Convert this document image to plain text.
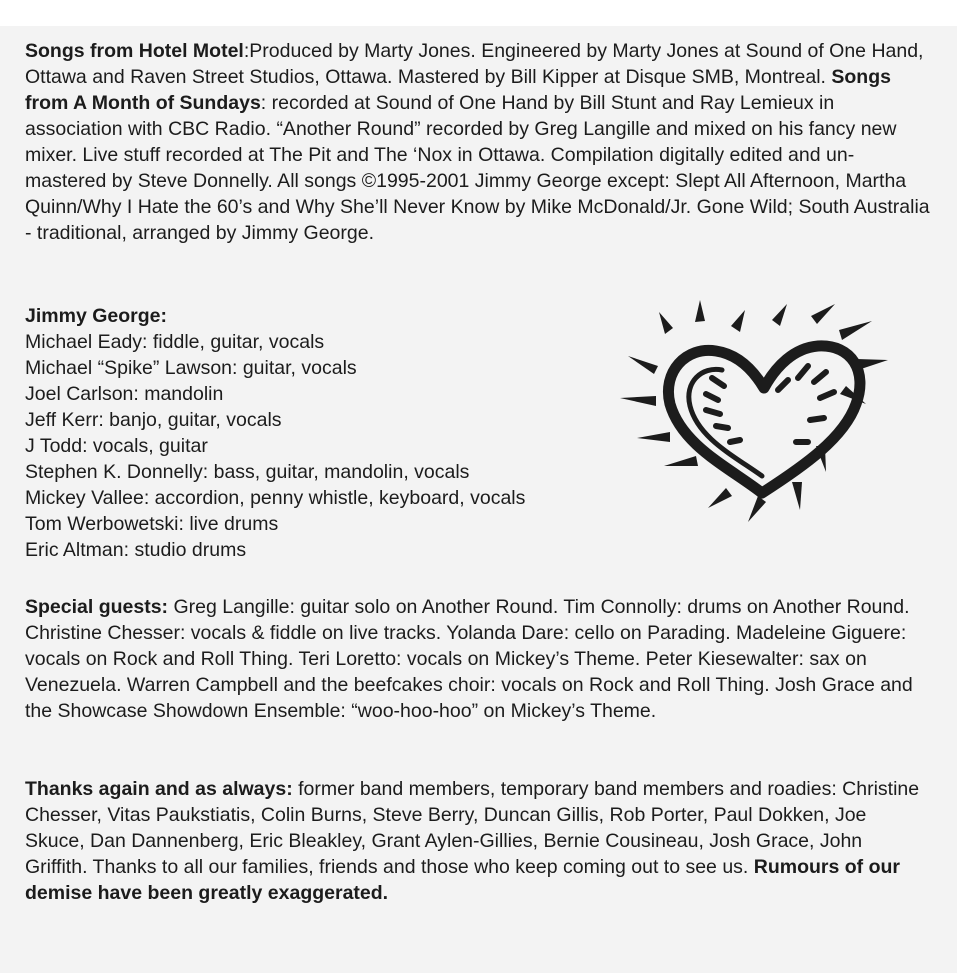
Songs from Hotel Motel:Produced by Marty Jones. Engineered by Marty Jones at Sound of One Hand, Ottawa and Raven Street Studios, Ottawa. Mastered by Bill Kipper at Disque SMB, Montreal. Songs from A Month of Sundays: recorded at Sound of One Hand by Bill Stunt and Ray Lemieux in association with CBC Radio. “Another Round” recorded by Greg Langille and mixed on his fancy new mixer. Live stuff recorded at The Pit and The ‘Nox in Ottawa. Compilation digitally edited and un-mastered by Steve Donnelly. All songs ©1995-2001 Jimmy George except: Slept All Afternoon, Martha Quinn/Why I Hate the 60’s and Why She’ll Never Know by Mike McDonald/Jr. Gone Wild; South Australia - traditional, arranged by Jimmy George.

Jimmy George:
Michael Eady: fiddle, guitar, vocals
Michael “Spike” Lawson: guitar, vocals
Joel Carlson: mandolin
Jeff Kerr: banjo, guitar, vocals
J Todd: vocals, guitar
Stephen K. Donnelly: bass, guitar, mandolin, vocals
Mickey Vallee: accordion, penny whistle, keyboard, vocals
Tom Werbowetski: live drums
Eric Altman: studio drums

Special guests: Greg Langille: guitar solo on Another Round. Tim Connolly: drums on Another Round. Christine Chesser: vocals & fiddle on live tracks. Yolanda Dare: cello on Parading. Madeleine Giguere: vocals on Rock and Roll Thing. Teri Loretto: vocals on Mickey’s Theme. Peter Kiesewalter: sax on Venezuela. Warren Campbell and the beefcakes choir: vocals on Rock and Roll Thing. Josh Grace and the Showcase Showdown Ensemble: “woo-hoo-hoo” on Mickey’s Theme.

Thanks again and as always: former band members, temporary band members and roadies: Christine Chesser, Vitas Paukstiatis, Colin Burns, Steve Berry, Duncan Gillis, Rob Porter, Paul Dokken, Joe Skuce, Dan Dannenberg, Eric Bleakley, Grant Aylen-Gillies, Bernie Cousineau, Josh Grace, John Griffith. Thanks to all our families, friends and those who keep coming out to see us. Rumours of our demise have been greatly exaggerated.
